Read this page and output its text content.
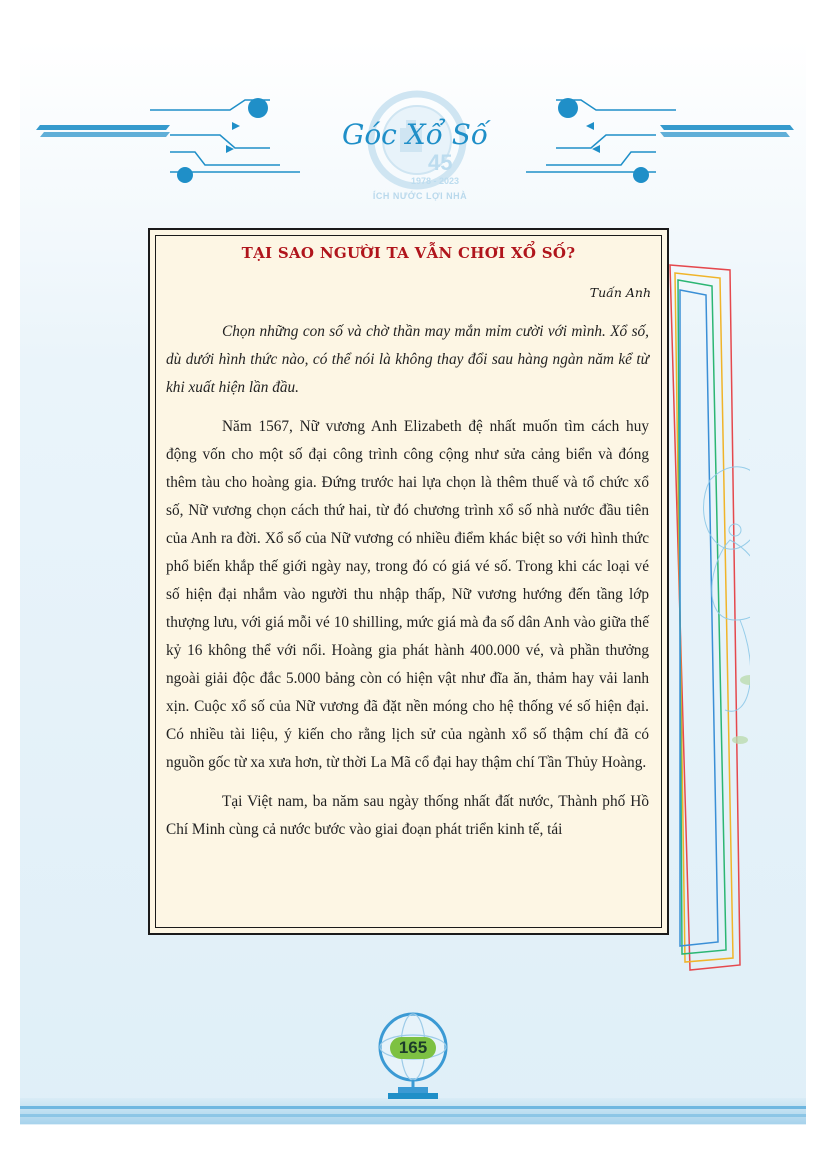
45
1978 - 2023
ÍCH NƯỚC LỢI NHÀ
Góc Xổ Số
TẠI SAO NGƯỜI TA VẪN CHƠI XỔ SỐ?
Tuấn Anh

Chọn những con số và chờ thần may mắn mỉm cười với mình. Xổ số, dù dưới hình thức nào, có thể nói là không thay đổi sau hàng ngàn năm kể từ khi xuất hiện lần đầu.

Năm 1567, Nữ vương Anh Elizabeth đệ nhất muốn tìm cách huy động vốn cho một số đại công trình công cộng như sửa cảng biển và đóng thêm tàu cho hoàng gia. Đứng trước hai lựa chọn là thêm thuế và tổ chức xổ số, Nữ vương chọn cách thứ hai, từ đó chương trình xổ số nhà nước đầu tiên của Anh ra đời. Xổ số của Nữ vương có nhiều điểm khác biệt so với hình thức phổ biến khắp thế giới ngày nay, trong đó có giá vé số. Trong khi các loại vé số hiện đại nhắm vào người thu nhập thấp, Nữ vương hướng đến tầng lớp thượng lưu, với giá mỗi vé 10 shilling, mức giá mà đa số dân Anh vào giữa thế kỷ 16 không thể với nổi. Hoàng gia phát hành 400.000 vé, và phần thưởng ngoài giải độc đắc 5.000 bảng còn có hiện vật như đĩa ăn, thảm hay vải lanh xịn. Cuộc xổ số của Nữ vương đã đặt nền móng cho hệ thống vé số hiện đại. Có nhiều tài liệu, ý kiến cho rằng lịch sử của ngành xổ số thậm chí đã có nguồn gốc từ xa xưa hơn, từ thời La Mã cổ đại hay thậm chí Tần Thủy Hoàng.

Tại Việt nam, ba năm sau ngày thống nhất đất nước, Thành phố Hồ Chí Minh cùng cả nước bước vào giai đoạn phát triển kinh tế, tái

165
